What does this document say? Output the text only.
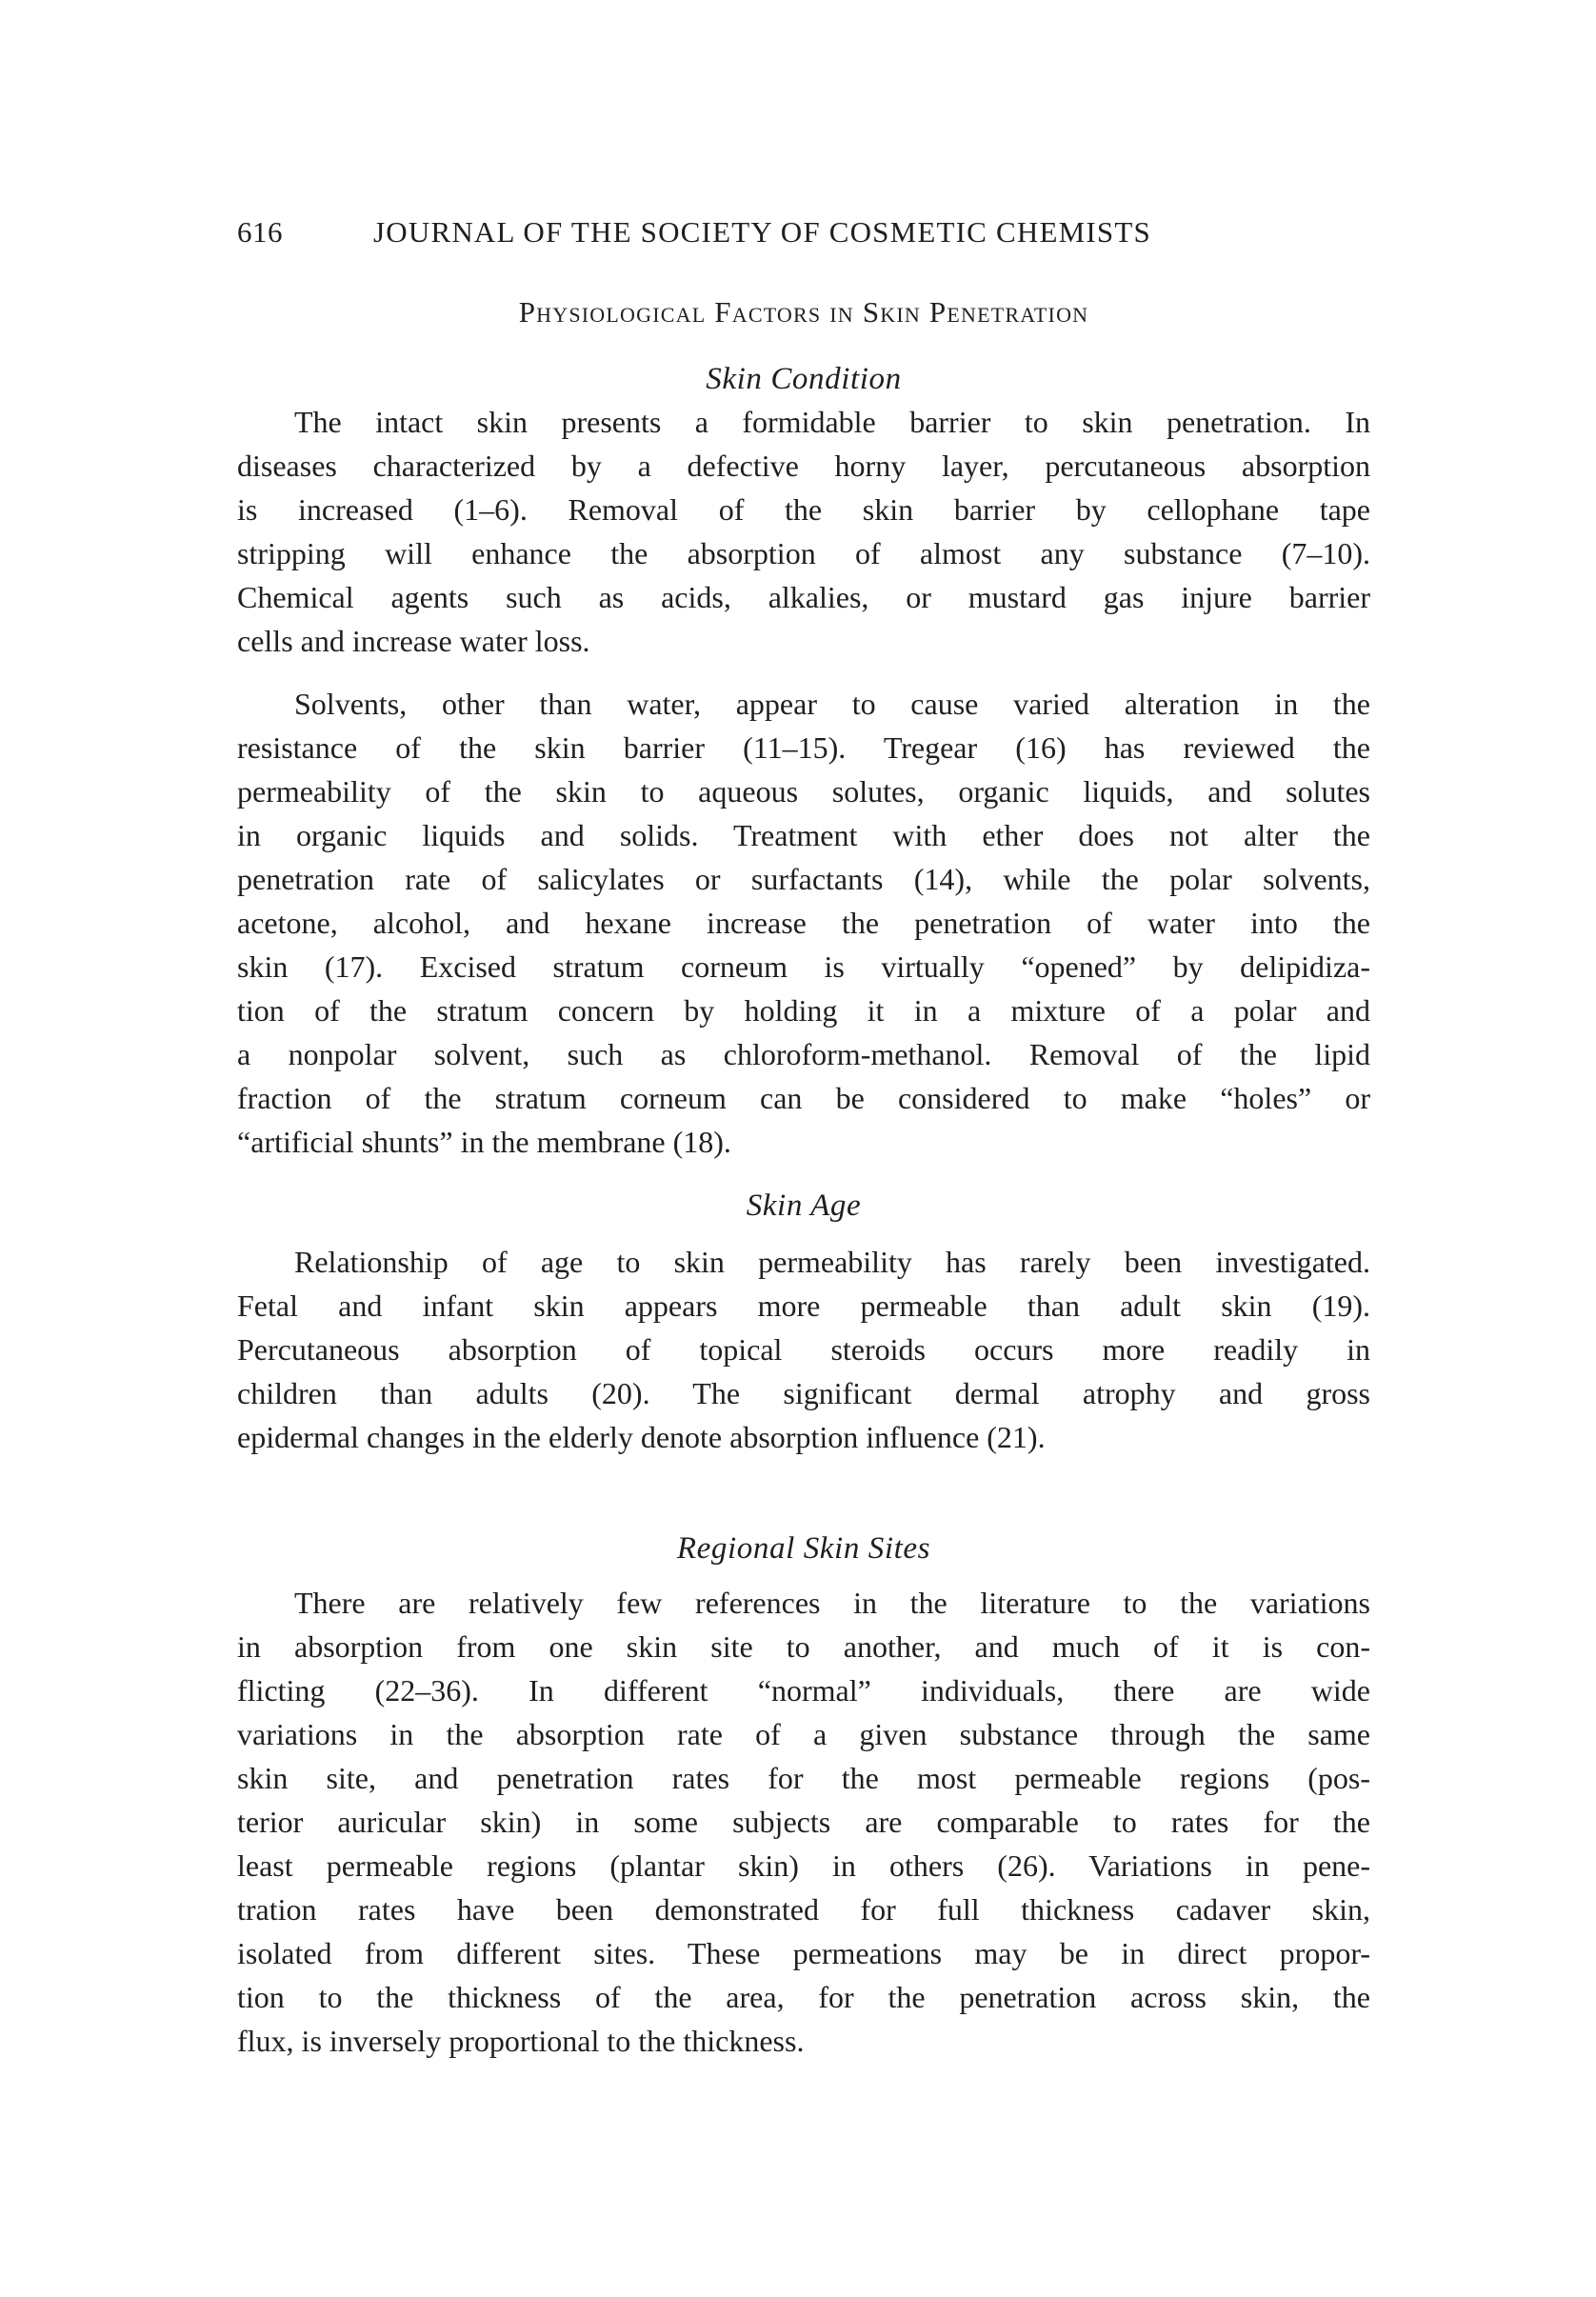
616	JOURNAL OF THE SOCIETY OF COSMETIC CHEMISTS
Physiological Factors in Skin Penetration
Skin Condition
The intact skin presents a formidable barrier to skin penetration. In
diseases characterized by a defective horny layer, percutaneous absorption
is increased (1–6). Removal of the skin barrier by cellophane tape
stripping will enhance the absorption of almost any substance (7–10).
Chemical agents such as acids, alkalies, or mustard gas injure barrier
cells and increase water loss.
Solvents, other than water, appear to cause varied alteration in the
resistance of the skin barrier (11–15). Tregear (16) has reviewed the
permeability of the skin to aqueous solutes, organic liquids, and solutes
in organic liquids and solids. Treatment with ether does not alter the
penetration rate of salicylates or surfactants (14), while the polar solvents,
acetone, alcohol, and hexane increase the penetration of water into the
skin (17). Excised stratum corneum is virtually “opened” by delipidiza-
tion of the stratum concern by holding it in a mixture of a polar and
a nonpolar solvent, such as chloroform-methanol. Removal of the lipid
fraction of the stratum corneum can be considered to make “holes” or
“artificial shunts” in the membrane (18).
Skin Age
Relationship of age to skin permeability has rarely been investigated.
Fetal and infant skin appears more permeable than adult skin (19).
Percutaneous absorption of topical steroids occurs more readily in
children than adults (20). The significant dermal atrophy and gross
epidermal changes in the elderly denote absorption influence (21).
Regional Skin Sites
There are relatively few references in the literature to the variations
in absorption from one skin site to another, and much of it is con-
flicting (22–36). In different “normal” individuals, there are wide
variations in the absorption rate of a given substance through the same
skin site, and penetration rates for the most permeable regions (pos-
terior auricular skin) in some subjects are comparable to rates for the
least permeable regions (plantar skin) in others (26). Variations in pene-
tration rates have been demonstrated for full thickness cadaver skin,
isolated from different sites. These permeations may be in direct propor-
tion to the thickness of the area, for the penetration across skin, the
flux, is inversely proportional to the thickness.
